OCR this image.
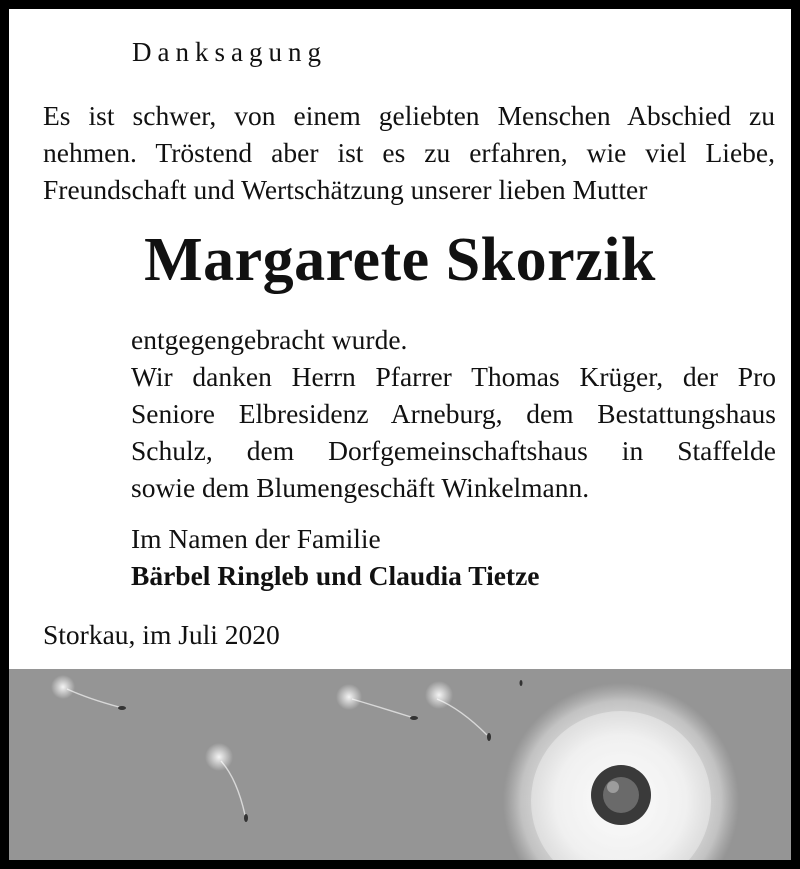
Danksagung

Es ist schwer, von einem geliebten Menschen Abschied zu
nehmen. Tröstend aber ist es zu erfahren, wie viel Liebe,
Freundschaft und Wertschätzung unserer lieben Mutter

Margarete Skorzik

entgegengebracht wurde.
Wir danken Herrn Pfarrer Thomas Krüger, der Pro
Seniore Elbresidenz Arneburg, dem Bestattungshaus
Schulz, dem Dorfgemeinschaftshaus in Staffelde
sowie dem Blumengeschäft Winkelmann.

Im Namen der Familie
Bärbel Ringleb und Claudia Tietze

Storkau, im Juli 2020
